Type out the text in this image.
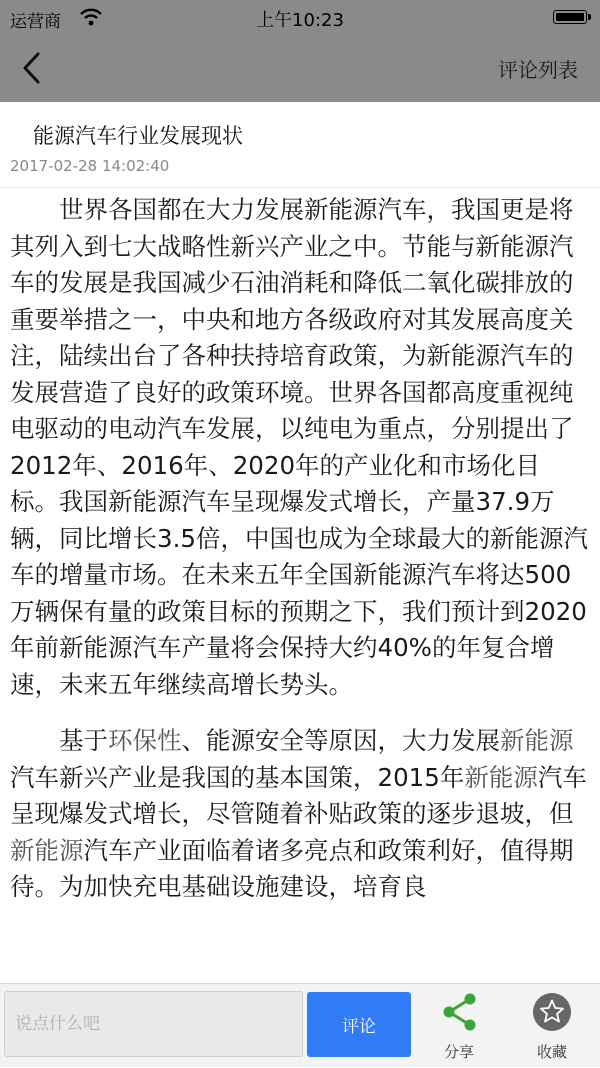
运营商	上午10:23
评论列表
能源汽车行业发展现状
2017-02-28 14:02:40

世界各国都在大力发展新能源汽车，我国更是将其列入到七大战略性新兴产业之中。节能与新能源汽车的发展是我国减少石油消耗和降低二氧化碳排放的重要举措之一，中央和地方各级政府对其发展高度关注，陆续出台了各种扶持培育政策，为新能源汽车的发展营造了良好的政策环境。世界各国都高度重视纯电驱动的电动汽车发展，以纯电为重点，分别提出了2012年、2016年、2020年的产业化和市场化目标。我国新能源汽车呈现爆发式增长，产量37.9万辆，同比增长3.5倍，中国也成为全球最大的新能源汽车的增量市场。在未来五年全国新能源汽车将达500万辆保有量的政策目标的预期之下，我们预计到2020年前新能源汽车产量将会保持大约40%的年复合增速，未来五年继续高增长势头。

基于环保性、能源安全等原因，大力发展新能源汽车新兴产业是我国的基本国策，2015年新能源汽车呈现爆发式增长，尽管随着补贴政策的逐步退坡，但新能源汽车产业面临着诸多亮点和政策利好，值得期待。为加快充电基础设施建设，培育良

说点什么吧
评论
分享	收藏
